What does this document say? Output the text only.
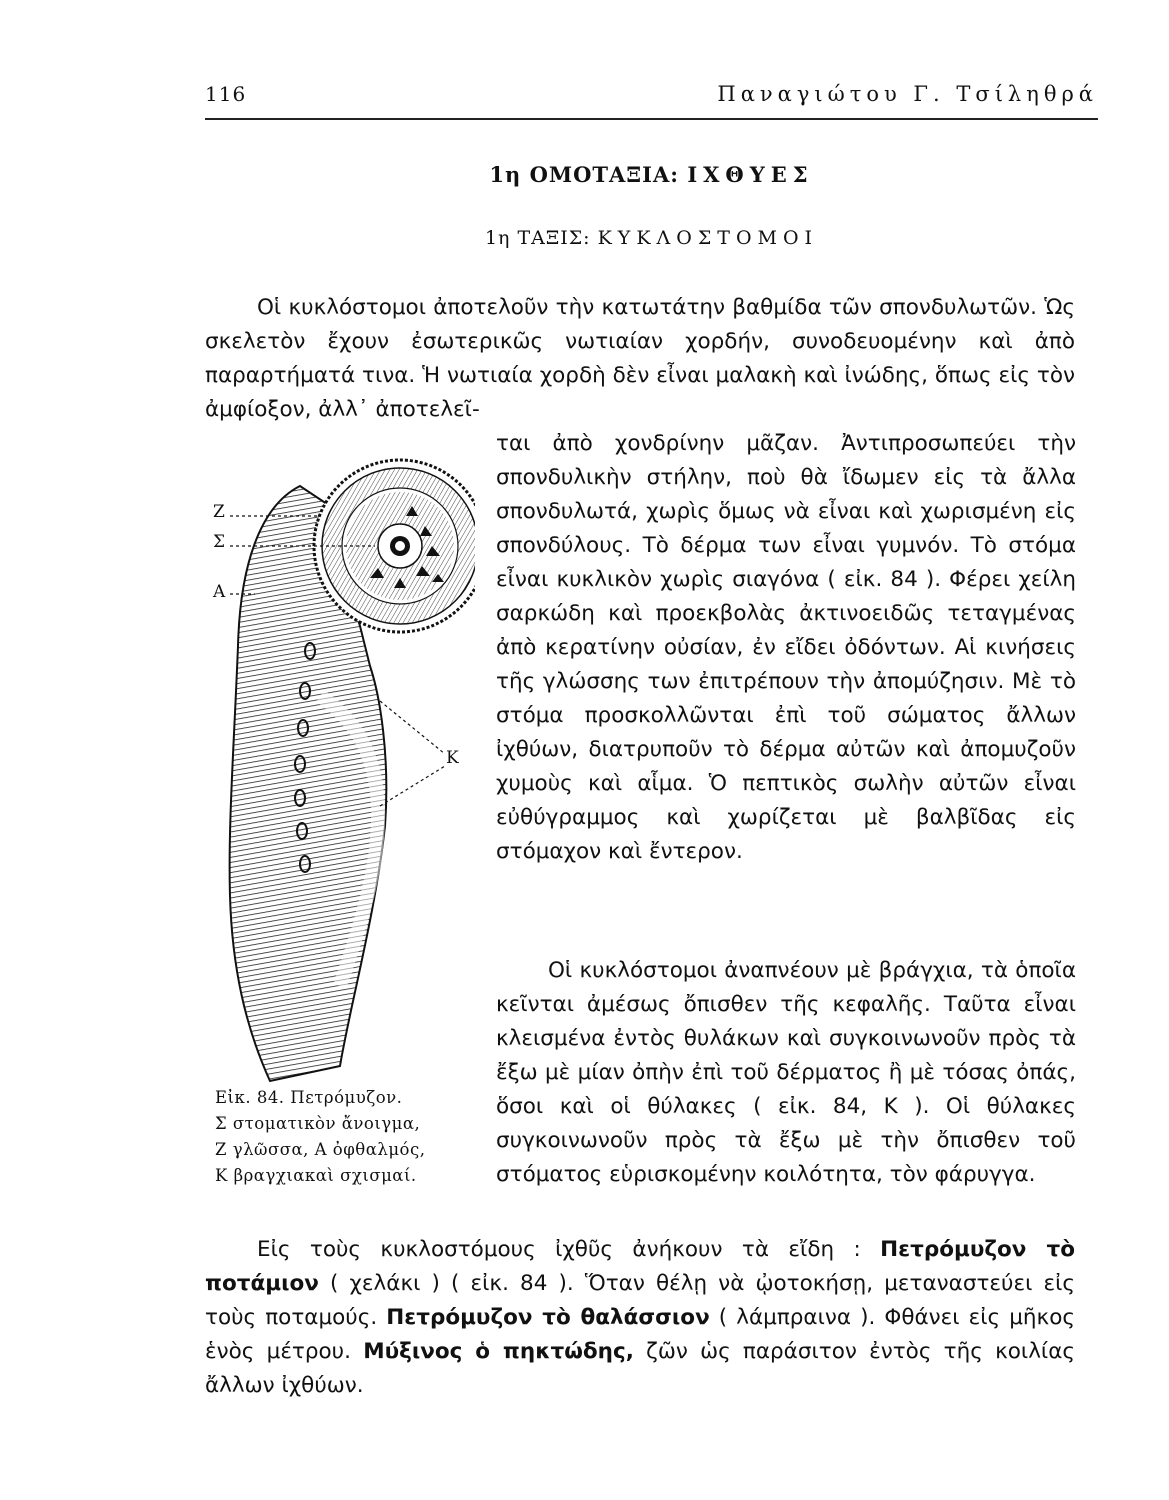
116	Παναγιώτου Γ. Τσίληθρά
1η ΟΜΟΤΑΞΙΑ: ΙΧΘΥΕΣ
1η ΤΑΞΙΣ: ΚΥΚΛΟΣΤΟΜΟΙ

Οἱ κυκλόστομοι ἀποτελοῦν τὴν κατωτάτην βαθμίδα τῶν σπονδυλωτῶν. Ὡς σκελετὸν ἔχουν ἐσωτερικῶς νωτιαίαν χορδήν, συνοδευομένην καὶ ἀπὸ παραρτήματά τινα. Ἡ νωτιαία χορδὴ δὲν εἶναι μαλακὴ καὶ ἰνώδης, ὅπως εἰς τὸν ἀμφίοξον, ἀλλ᾽ ἀποτελεῖ-

ται ἀπὸ χονδρίνην μᾶζαν. Ἀντιπροσωπεύει τὴν σπονδυλικὴν στήλην, ποὺ θὰ ἴδωμεν εἰς τὰ ἄλλα σπονδυλωτά, χωρὶς ὅμως νὰ εἶναι καὶ χωρισμένη εἰς σπονδύλους. Τὸ δέρμα των εἶναι γυμνόν. Τὸ στόμα εἶναι κυκλικὸν χωρὶς σιαγόνα ( εἰκ. 84 ). Φέρει χείλη σαρκώδη καὶ προεκβολὰς ἀκτινοειδῶς τεταγμένας ἀπὸ κερατίνην οὐσίαν, ἐν εἴδει ὀδόντων. Αἱ κινήσεις τῆς γλώσσης των ἐπιτρέπουν τὴν ἀπομύζησιν. Μὲ τὸ στόμα προσκολλῶνται ἐπὶ τοῦ σώματος ἄλλων ἰχθύων, διατρυποῦν τὸ δέρμα αὐτῶν καὶ ἀπομυζοῦν χυμοὺς καὶ αἷμα. Ὁ πεπτικὸς σωλὴν αὐτῶν εἶναι εὐθύγραμμος καὶ χωρίζεται μὲ βαλβῖδας εἰς στόμαχον καὶ ἔντερον.

Οἱ κυκλόστομοι ἀναπνέουν μὲ βράγχια, τὰ ὁποῖα κεῖνται ἀμέσως ὄπισθεν τῆς κεφαλῆς. Ταῦτα εἶναι κλεισμένα ἐντὸς θυλάκων καὶ συγκοινωνοῦν πρὸς τὰ ἔξω μὲ μίαν ὀπὴν ἐπὶ τοῦ δέρματος ἢ μὲ τόσας ὀπάς, ὅσοι καὶ οἱ θύλακες ( εἰκ. 84, Κ ). Οἱ θύλακες συγκοινωνοῦν πρὸς τὰ ἔξω μὲ τὴν ὄπισθεν τοῦ στόματος εὑρισκομένην κοιλότητα, τὸν φάρυγγα.

Εἰς τοὺς κυκλοστόμους ἰχθῦς ἀνήκουν τὰ εἴδη : Πετρόμυζον τὸ ποτάμιον ( χελάκι ) ( εἰκ. 84 ). Ὅταν θέλῃ νὰ ᾠοτοκήσῃ, μεταναστεύει εἰς τοὺς ποταμούς. Πετρόμυζον τὸ θαλάσσιον ( λάμπραινα ). Φθάνει εἰς μῆκος ἑνὸς μέτρου. Μύξινος ὁ πηκτώδης, ζῶν ὡς παράσιτον ἐντὸς τῆς κοιλίας ἄλλων ἰχθύων.

Ζ
Σ
Α
Κ
Εἰκ. 84. Πετρόμυζον.
Σ στοματικὸν ἄνοιγμα,
Ζ γλῶσσα, Α ὀφθαλμός,
Κ βραγχιακαὶ σχισμαί.
